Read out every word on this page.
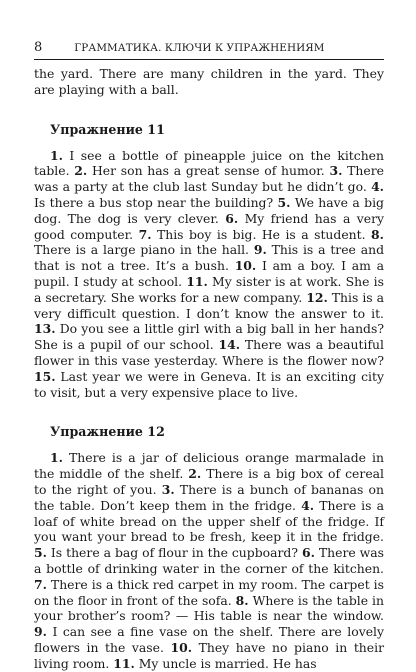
8	ГРАММАТИКА. КЛЮЧИ К УПРАЖНЕНИЯМ

the yard. There are many children in the yard. They are playing with a ball.

Упражнение 11

1. I see a bottle of pineapple juice on the kitchen table. 2. Her son has a great sense of humor. 3. There was a party at the club last Sunday but he didn’t go. 4. Is there a bus stop near the building? 5. We have a big dog. The dog is very clever. 6. My friend has a very good computer. 7. This boy is big. He is a student. 8. There is a large piano in the hall. 9. This is a tree and that is not a tree. It’s a bush. 10. I am a boy. I am a pupil. I study at school. 11. My sister is at work. She is a secretary. She works for a new company. 12. This is a very difficult question. I don’t know the answer to it. 13. Do you see a little girl with a big ball in her hands? She is a pupil of our school. 14. There was a beautiful flower in this vase yesterday. Where is the flower now? 15. Last year we were in Geneva. It is an exciting city to visit, but a very expensive place to live.

Упражнение 12

1. There is a jar of delicious orange marmalade in the middle of the shelf. 2. There is a big box of cereal to the right of you. 3. There is a bunch of bananas on the table. Don’t keep them in the fridge. 4. There is a loaf of white bread on the upper shelf of the fridge. If you want your bread to be fresh, keep it in the fridge. 5. Is there a bag of flour in the cupboard? 6. There was a bottle of drinking water in the corner of the kitchen. 7. There is a thick red carpet in my room. The carpet is on the floor in front of the sofa. 8. Where is the table in your brother’s room? — His table is near the window. 9. I can see a fine vase on the shelf. There are lovely flowers in the vase. 10. They have no piano in their living room. 11. My uncle is married. He has
